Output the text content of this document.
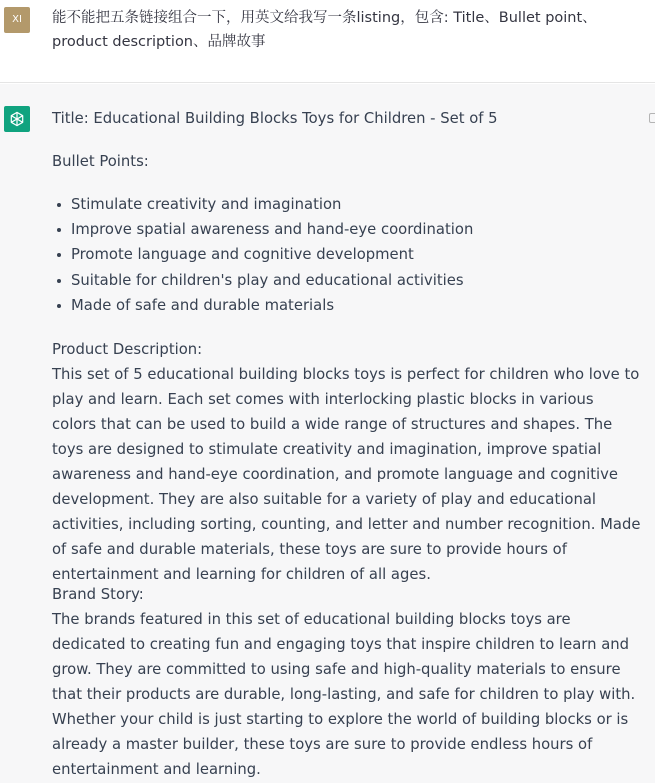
XI	能不能把五条链接组合一下，用英文给我写一条listing，包含: Title、Bullet point、product description、品牌故事
Title: Educational Building Blocks Toys for Children - Set of 5
Bullet Points:
Stimulate creativity and imagination
Improve spatial awareness and hand-eye coordination
Promote language and cognitive development
Suitable for children's play and educational activities
Made of safe and durable materials
Product Description:
This set of 5 educational building blocks toys is perfect for children who love to play and learn. Each set comes with interlocking plastic blocks in various colors that can be used to build a wide range of structures and shapes. The toys are designed to stimulate creativity and imagination, improve spatial awareness and hand-eye coordination, and promote language and cognitive development. They are also suitable for a variety of play and educational activities, including sorting, counting, and letter and number recognition. Made of safe and durable materials, these toys are sure to provide hours of entertainment and learning for children of all ages.
Brand Story:
The brands featured in this set of educational building blocks toys are dedicated to creating fun and engaging toys that inspire children to learn and grow. They are committed to using safe and high-quality materials to ensure that their products are durable, long-lasting, and safe for children to play with. Whether your child is just starting to explore the world of building blocks or is already a master builder, these toys are sure to provide endless hours of entertainment and learning.
